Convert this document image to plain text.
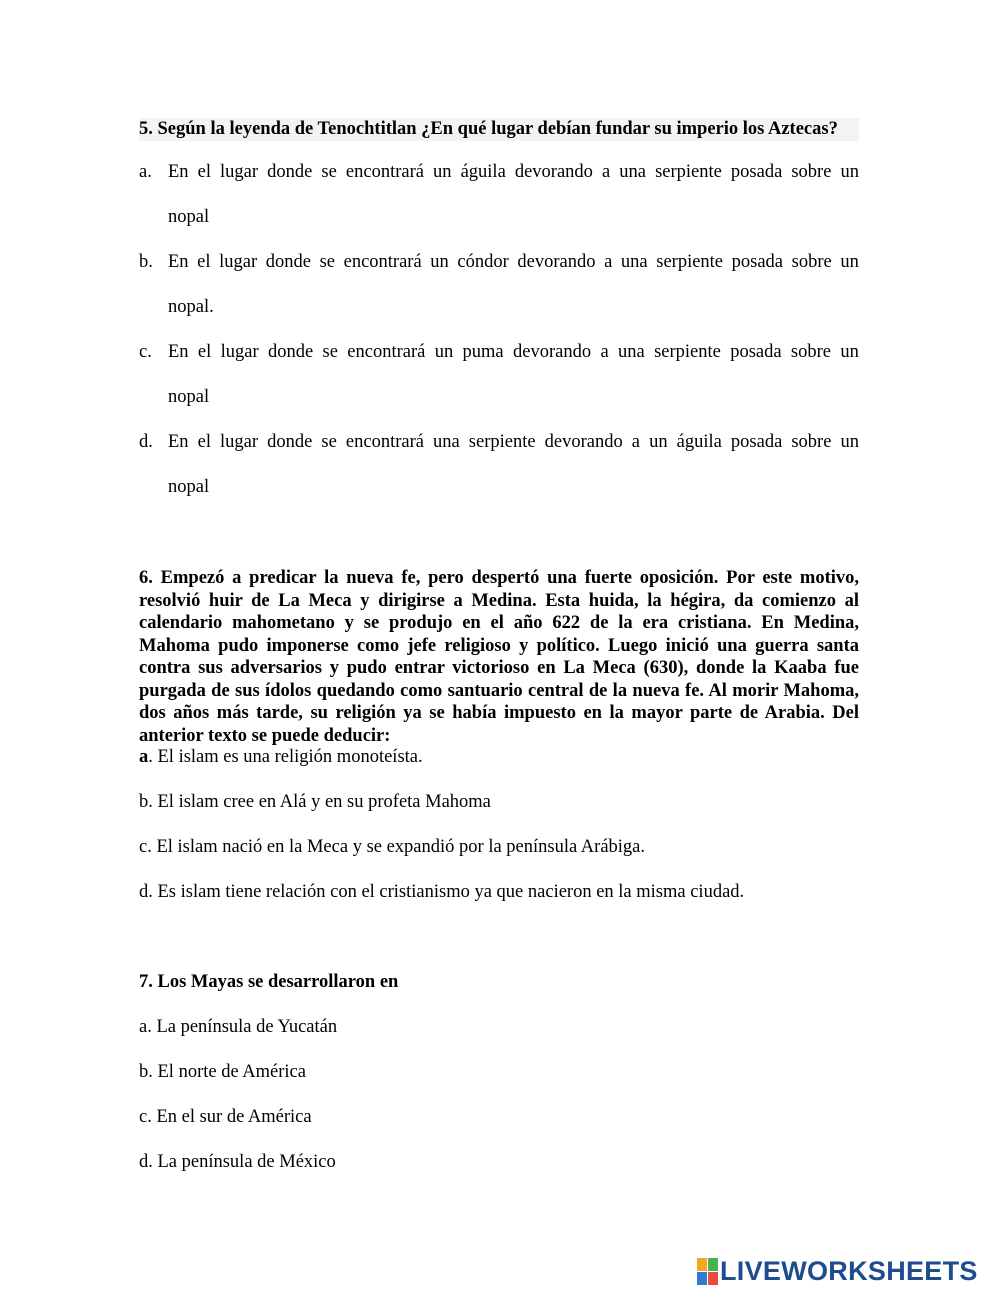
5. Según la leyenda de Tenochtitlan ¿En qué lugar debían fundar su imperio los Aztecas?

a. En el lugar donde se encontrará un águila devorando a una serpiente posada sobre un
nopal
b. En el lugar donde se encontrará un cóndor devorando a una serpiente posada sobre un
nopal.
c. En el lugar donde se encontrará un puma devorando a una serpiente posada sobre un
nopal
d. En el lugar donde se encontrará una serpiente devorando a un águila posada sobre un
nopal

6. Empezó a predicar la nueva fe, pero despertó una fuerte oposición. Por este motivo, resolvió huir de La Meca y dirigirse a Medina. Esta huida, la hégira, da comienzo al calendario mahometano y se produjo en el año 622 de la era cristiana. En Medina, Mahoma pudo imponerse como jefe religioso y político. Luego inició una guerra santa contra sus adversarios y pudo entrar victorioso en La Meca (630), donde la Kaaba fue purgada de sus ídolos quedando como santuario central de la nueva fe. Al morir Mahoma, dos años más tarde, su religión ya se había impuesto en la mayor parte de Arabia. Del anterior texto se puede deducir:

a. El islam es una religión monoteísta.

b. El islam cree en Alá y en su profeta Mahoma

c. El islam nació en la Meca y se expandió por la península Arábiga.

d. Es islam tiene relación con el cristianismo ya que nacieron en la misma ciudad.

7. Los Mayas se desarrollaron en

a. La península de Yucatán

b. El norte de América

c. En el sur de América

d. La península de México

LIVEWORKSHEETS
